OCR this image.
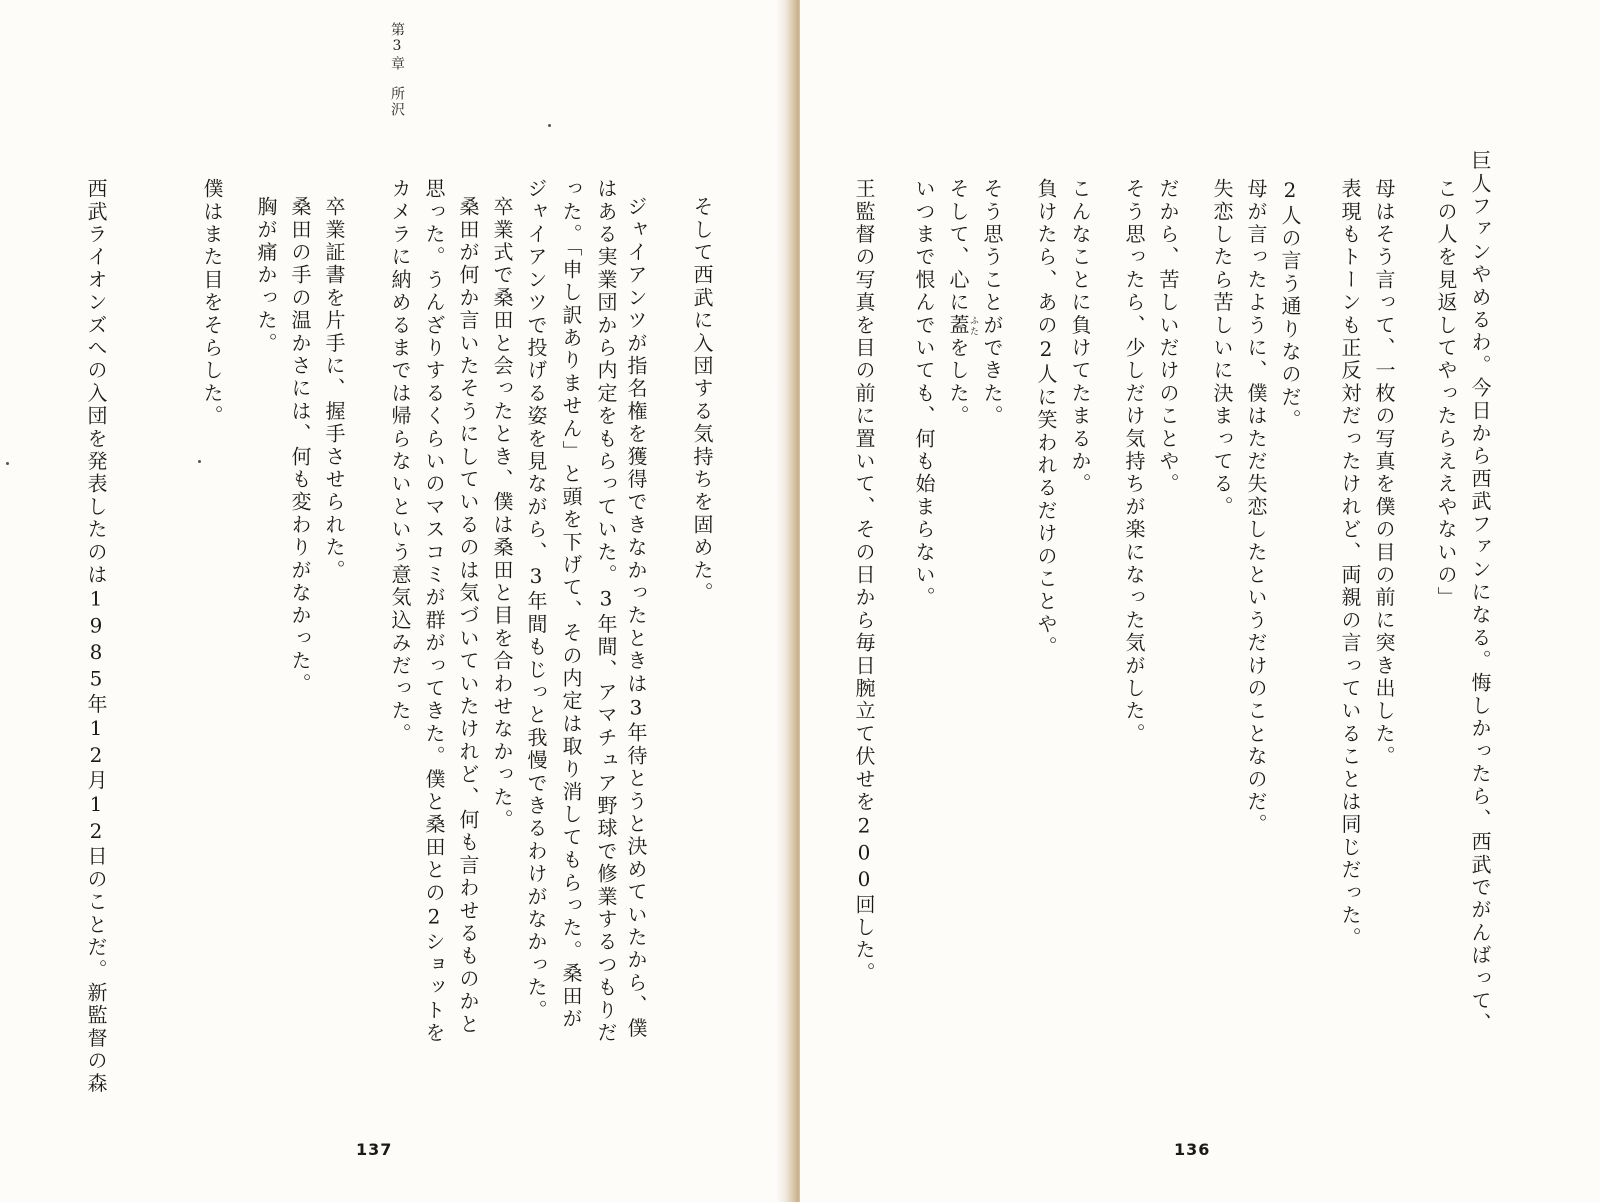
第3章所沢

そして西武に入団する気持ちを固めた。

ジャイアンツが指名権を獲得できなかったときは3年待とうと決めていたから、僕

はある実業団から内定をもらっていた。3年間、アマチュア野球で修業するつもりだ

った。「申し訳ありません」と頭を下げて、その内定は取り消してもらった。桑田が

ジャイアンツで投げる姿を見ながら、3年間もじっと我慢できるわけがなかった。

卒業式で桑田と会ったとき、僕は桑田と目を合わせなかった。

桑田が何か言いたそうにしているのは気づいていたけれど、何も言わせるものかと

思った。うんざりするくらいのマスコミが群がってきた。僕と桑田との2ショットを

カメラに納めるまでは帰らないという意気込みだった。

卒業証書を片手に、握手させられた。

桑田の手の温かさには、何も変わりがなかった。

胸が痛かった。

僕はまた目をそらした。

西武ライオンズへの入団を発表したのは1985年12月12日のことだ。新監督の森

137

巨人ファンやめるわ。今日から西武ファンになる。悔しかったら、西武でがんばって、

この人を見返してやったらええやないの」

母はそう言って、一枚の写真を僕の目の前に突き出した。

表現もトーンも正反対だったけれど、両親の言っていることは同じだった。

2人の言う通りなのだ。

母が言ったように、僕はただ失恋したというだけのことなのだ。

失恋したら苦しいに決まってる。

だから、苦しいだけのことや。

そう思ったら、少しだけ気持ちが楽になった気がした。

こんなことに負けてたまるか。

負けたら、あの2人に笑われるだけのことや。

そう思うことができた。

そして、心に蓋ふたをした。

いつまで恨んでいても、何も始まらない。

王監督の写真を目の前に置いて、その日から毎日腕立て伏せを200回した。

136
